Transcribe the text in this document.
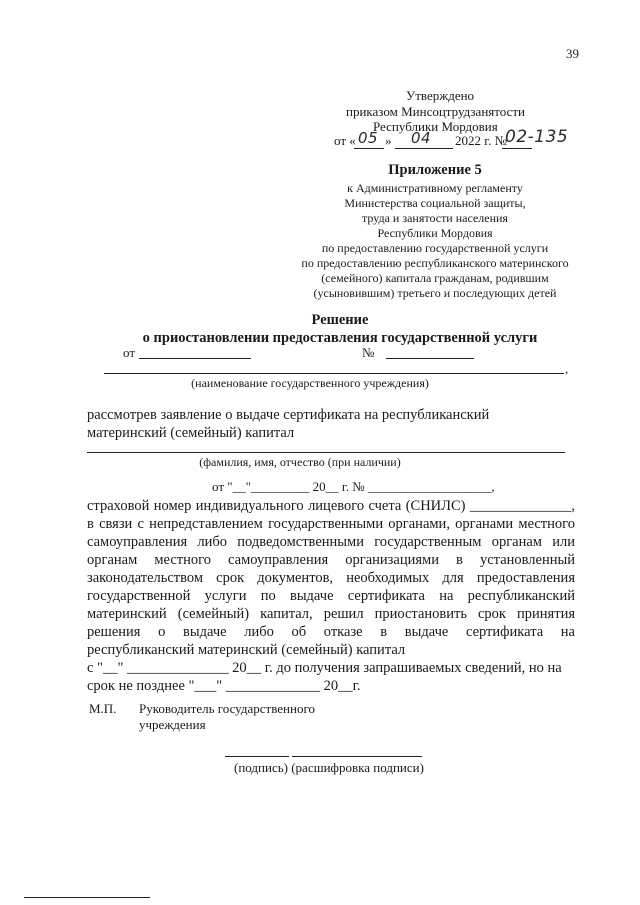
39
Утверждено
приказом Минсоцтрудзанятости
Республики Мордовия
от « 05 » 04 2022 г. №
02-135
Приложение 5
к Административному регламенту
Министерства социальной защиты,
труда и занятости населения
Республики Мордовия
по предоставлению государственной услуги
по предоставлению республиканского материнского
(семейного) капитала гражданам, родившим
(усыновившим) третьего и последующих детей
Решение
о приостановлении предоставления государственной услуги
от	№
,
(наименование государственного учреждения)
рассмотрев заявление о выдаче сертификата на республиканский
материнский (семейный) капитал
(фамилия, имя, отчество (при наличии)
от "__"_________ 20__ г. № ___________________,
страховой номер индивидуального лицевого счета (СНИЛС) ______________,
в связи с непредставлением государственными органами, органами местного
самоуправления либо подведомственными государственным органам или
органам местного самоуправления организациями в установленный
законодательством срок документов, необходимых для предоставления
государственной услуги по выдаче сертификата на республиканский
материнский (семейный) капитал, решил приостановить срок принятия
решения о выдаче либо об отказе в выдаче сертификата на
республиканский материнский (семейный) капитал
с "__" ______________ 20__ г. до получения запрашиваемых сведений, но на
срок не позднее "___" _____________ 20__г.
М.П. Руководитель государственного
учреждения
(подпись) (расшифровка подписи)
